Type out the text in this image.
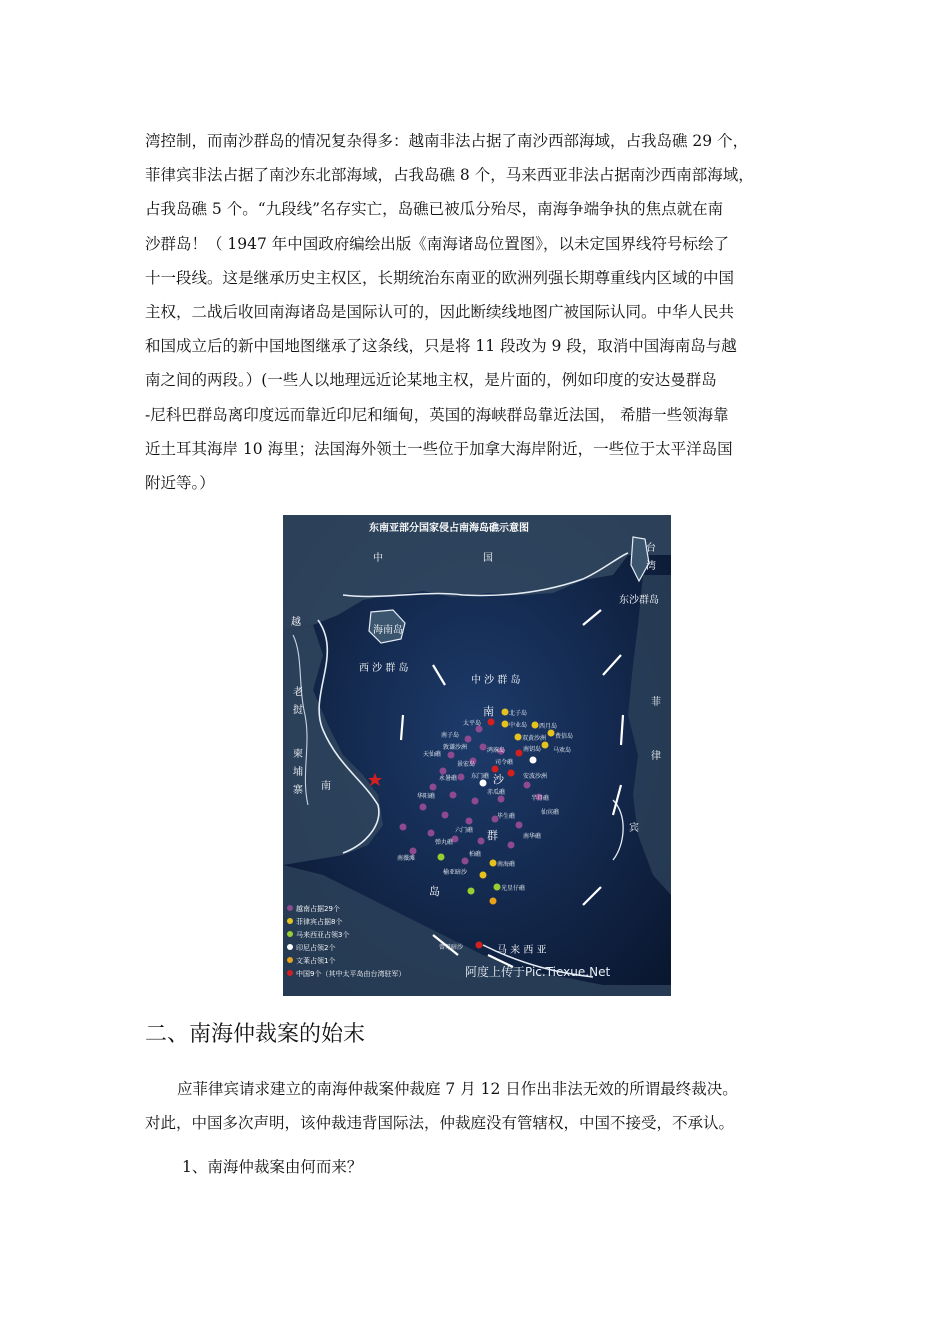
湾控制，而南沙群岛的情况复杂得多：越南非法占据了南沙西部海域，占我岛礁 29 个，
菲律宾非法占据了南沙东北部海域，占我岛礁 8 个，马来西亚非法占据南沙西南部海域，
占我岛礁 5 个。“九段线”名存实亡，岛礁已被瓜分殆尽，南海争端争执的焦点就在南
沙群岛！（ 1947 年中国政府编绘出版《南海诸岛位置图》，以未定国界线符号标绘了
十一段线。这是继承历史主权区，长期统治东南亚的欧洲列强长期尊重线内区域的中国
主权，二战后收回南海诸岛是国际认可的，因此断续线地图广被国际认同。中华人民共
和国成立后的新中国地图继承了这条线，只是将 11 段改为 9 段，取消中国海南岛与越
南之间的两段。）(一些人以地理远近论某地主权，是片面的，例如印度的安达曼群岛
-尼科巴群岛离印度远而靠近印尼和缅甸，英国的海峡群岛靠近法国， 希腊一些领海靠
近土耳其海岸 10 海里；法国海外领土一些位于加拿大海岸附近，一些位于太平洋岛国
附近等。）

东南亚部分国家侵占南海岛礁示意图
中	国
台
湾
东沙群岛
越
海南岛
西 沙 群 岛
中 沙 群 岛
老
挝
柬
埔
寨 南
南
沙
群
岛
菲
律
宾
马 来 西 亚
北子岛
太平岛	中业岛 西月岛
南子岛	双黄沙洲 费信岛
敦谦沙洲	南钥岛 马欢岛
鸿庥岛
景宏岛	司令礁
天仙礁
永暑礁 东门礁	安波沙洲
华阳礁
赤瓜礁
半月礁
仙宾礁
南华礁
六门礁
毕生礁
南海礁
光星仔礁
弹丸礁
榆亚暗沙
柏礁
南薇滩
曾母暗沙
越南占据29个
菲律宾占据8个
马来西亚占领3个
印尼占领2个
文莱占领1个
中国9个（其中太平岛由台湾驻军）	阿度上传于Pic.Tiexue.Net
二、南海仲裁案的始末

应菲律宾请求建立的南海仲裁案仲裁庭 7 月 12 日作出非法无效的所谓最终裁决。
对此，中国多次声明，该仲裁违背国际法，仲裁庭没有管辖权，中国不接受，不承认。

1、南海仲裁案由何而来？
